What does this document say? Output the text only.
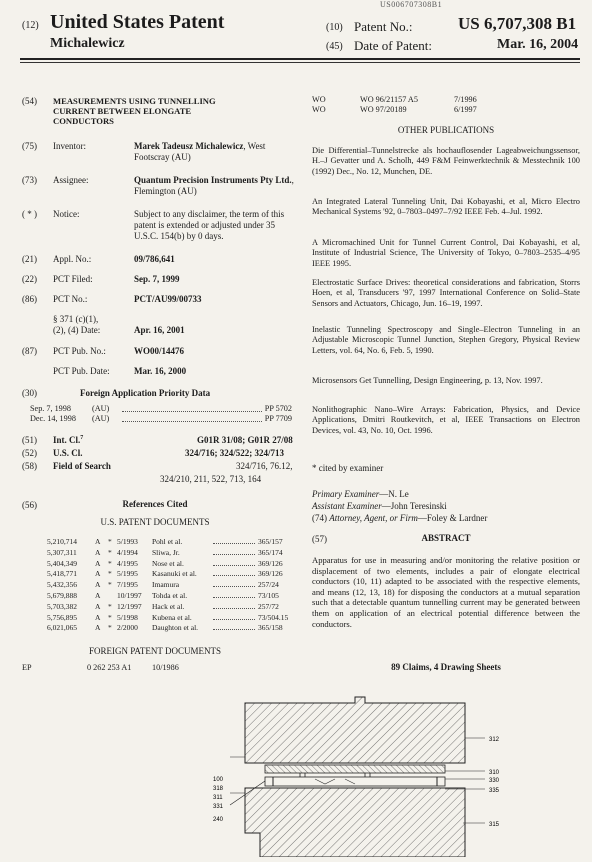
US006707308B1
(12) United States Patent
Michalewicz
(10) Patent No.:	US 6,707,308 B1
(45) Date of Patent:	Mar. 16, 2004
(54) MEASUREMENTS USING TUNNELLING
CURRENT BETWEEN ELONGATE
CONDUCTORS
(75) Inventor:	Marek Tadeusz Michalewicz, West Footscray (AU)
(73) Assignee:	Quantum Precision Instruments Pty Ltd., Flemington (AU)
( * ) Notice:	Subject to any disclaimer, the term of this patent is extended or adjusted under 35 U.S.C. 154(b) by 0 days.
(21) Appl. No.:	09/786,641
(22) PCT Filed:	Sep. 7, 1999
(86) PCT No.:	PCT/AU99/00733
§ 371 (c)(1),
(2), (4) Date:	Apr. 16, 2001
(87) PCT Pub. No.:	WO00/14476
PCT Pub. Date:	Mar. 16, 2000
(30)	Foreign Application Priority Data
Sep. 7, 1998	(AU)	PP 5702
Dec. 14, 1998 (AU)	PP 7709
(51) Int. Cl.$^7$	G01R 31/08; G01R 27/08
(52) U.S. Cl.	324/716; 324/522; 324/713
(58) Field of Search	324/716, 76.12,
324/210, 211, 522, 713, 164
(56)	References Cited
U.S. PATENT DOCUMENTS
5,210,714 A * 5/1993 Pohl et al.	365/157
5,307,311 A * 4/1994 Sliwa, Jr.	365/174
5,404,349 A * 4/1995 Nose et al.	369/126
5,418,771 A * 5/1995 Kasanuki et al.	369/126
5,432,356 A * 7/1995 Imamura	257/24
5,679,888 A 10/1997 Tohda et al.	73/105
5,703,382 A * 12/1997 Hack et al.	257/72
5,756,895 A * 5/1998 Kubena et al.	73/504.15
6,021,065 A * 2/2000 Daughton et al.	365/158
FOREIGN PATENT DOCUMENTS
EP	0 262 253 A1	10/1986
WO	WO 96/21157 A5	7/1996
WO	WO 97/20189	6/1997
OTHER PUBLICATIONS
Die Differential–Tunnelstrecke als hochauflosender Lageabweichungssensor, H.–J Gevatter und A. Scholh, 449 F&M Feinwerktechnik & Messtechnik 100 (1992) Dec., No. 12, Munchen, DE.
An Integrated Lateral Tunneling Unit, Dai Kobayashi, et al, Micro Electro Mechanical Systems '92, 0–7803–0497–7/92 IEEE Feb. 4–Jul. 1992.
A Micromachined Unit for Tunnel Current Control, Dai Kobayashi, et al, Institute of Industrial Science, The University of Tokyo, 0–7803–2535–4/95 IEEE 1995.
Electrostatic Surface Drives: theoretical considerations and fabrication, Storrs Hoen, et al, Transducers '97, 1997 International Conference on Solid–State Sensors and Actuators, Chicago, Jun. 16–19, 1997.
Inelastic Tunneling Spectroscopy and Single–Electron Tunneling in an Adjustable Microscopic Tunnel Junction, Stephen Gregory, Physical Review Letters, vol. 64, No. 6, Feb. 5, 1990.
Microsensors Get Tunnelling, Design Engineering, p. 13, Nov. 1997.
Nonlithographic Nano–Wire Arrays: Fabrication, Physics, and Device Applications, Dmitri Routkevitch, et al, IEEE Transactions on Electron Devices, vol. 43, No. 10, Oct. 1996.
* cited by examiner
Primary Examiner—N. Le
Assistant Examiner—John Teresinski
(74) Attorney, Agent, or Firm—Foley & Lardner
(57)	ABSTRACT
Apparatus for use in measuring and/or monitoring the relative position or displacement of two elements, includes a pair of elongate electrical conductors (10, 11) adapted to be associated with the respective elements, and means (12, 13, 18) for disposing the conductors at a mutual separation such that a detectable quantum tunnelling current may be generated between them on application of an electrical potential difference between the conductors.
89 Claims, 4 Drawing Sheets
312
310
330
335
315
100
318
311
331
240
